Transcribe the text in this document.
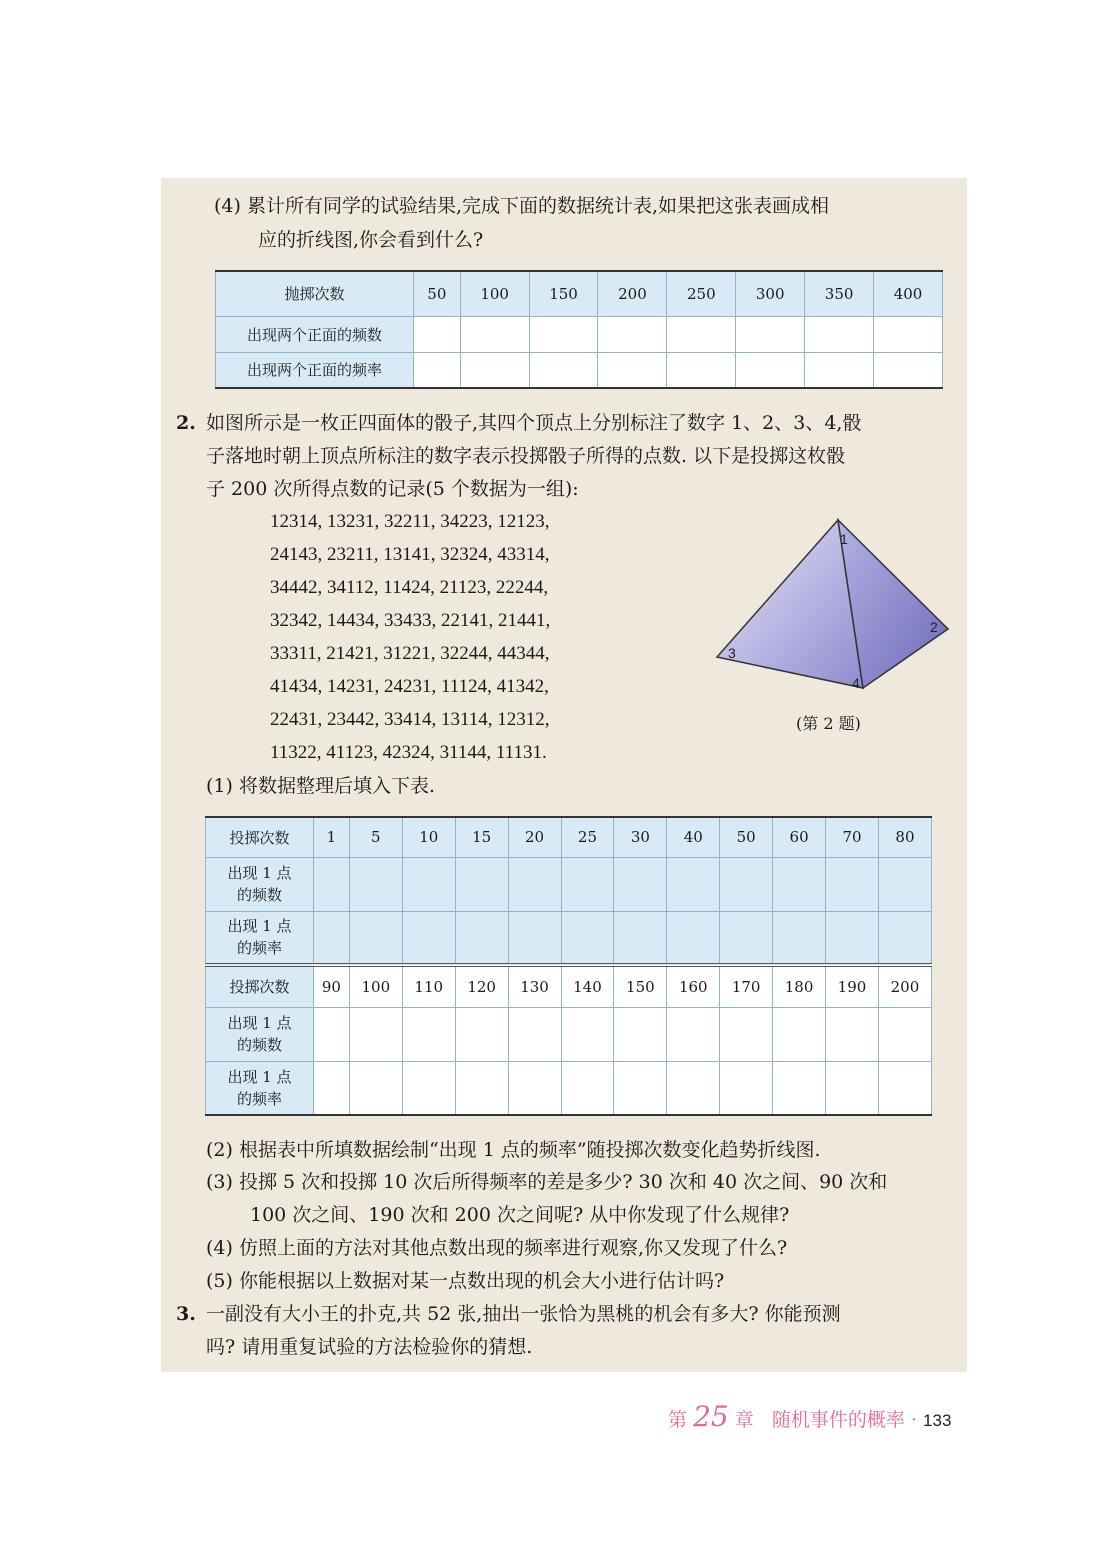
(4) 累计所有同学的试验结果,完成下面的数据统计表,如果把这张表画成相
应的折线图,你会看到什么?
抛掷次数	50	100	150	200	250	300	350	400
出现两个正面的频数								
出现两个正面的频率								
2. 如图所示是一枚正四面体的骰子,其四个顶点上分别标注了数字 1、2、3、4,骰
子落地时朝上顶点所标注的数字表示投掷骰子所得的点数. 以下是投掷这枚骰
子 200 次所得点数的记录(5 个数据为一组):
12314, 13231, 32211, 34223, 12123,
24143, 23211, 13141, 32324, 43314,
34442, 34112, 11424, 21123, 22244,
32342, 14434, 33433, 22141, 21441,
33311, 21421, 31221, 32244, 44344,
41434, 14231, 24231, 11124, 41342,
22431, 23442, 33414, 13114, 12312,
11322, 41123, 42324, 31144, 11131.
1
2
3
4
(第 2 题)
(1) 将数据整理后填入下表.
投掷次数	1	5	10	15	20	25	30	40	50	60	70	80
出现 1 点
的频数												
出现 1 点
的频率												
投掷次数	90	100	110	120	130	140	150	160	170	180	190	200
出现 1 点
的频数												
出现 1 点
的频率												
(2) 根据表中所填数据绘制“出现 1 点的频率”随投掷次数变化趋势折线图.
(3) 投掷 5 次和投掷 10 次后所得频率的差是多少? 30 次和 40 次之间、90 次和
100 次之间、190 次和 200 次之间呢? 从中你发现了什么规律?
(4) 仿照上面的方法对其他点数出现的频率进行观察,你又发现了什么?
(5) 你能根据以上数据对某一点数出现的机会大小进行估计吗?
3. 一副没有大小王的扑克,共 52 张,抽出一张恰为黑桃的机会有多大? 你能预测
吗? 请用重复试验的方法检验你的猜想.
第 25 章 随机事件的概率 · 133
